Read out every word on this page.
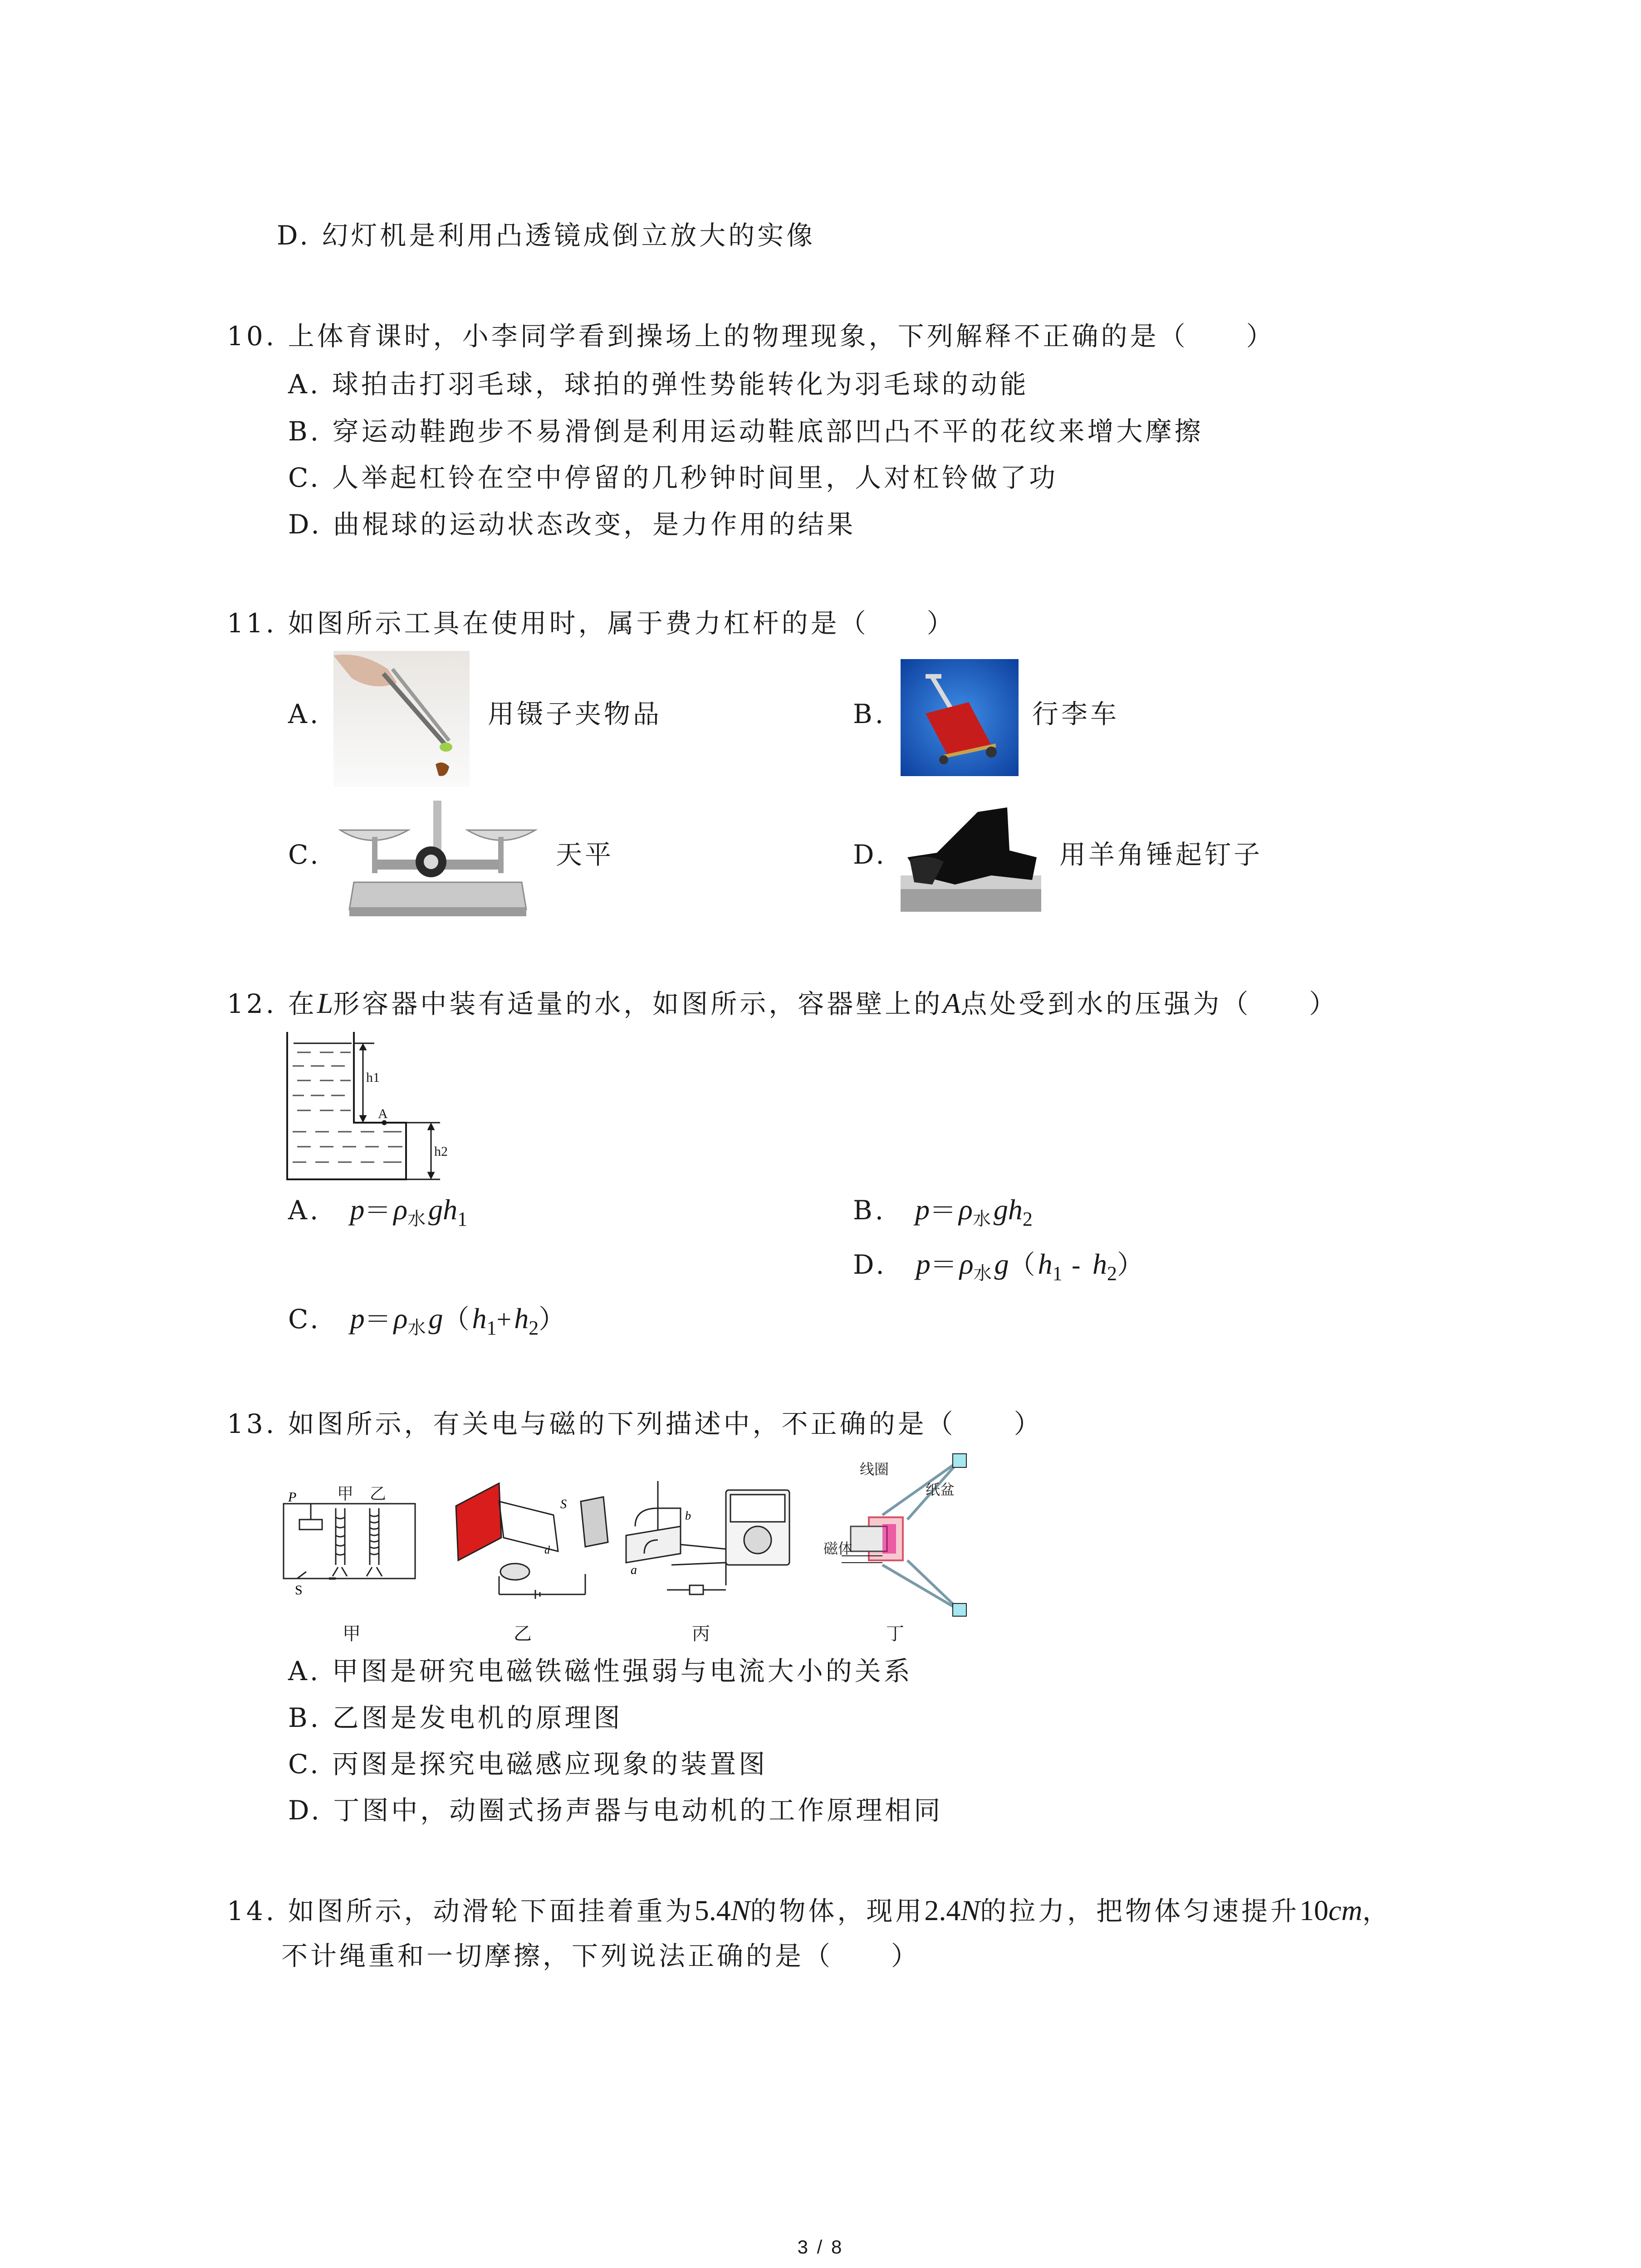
D. 幻灯机是利用凸透镜成倒立放大的实像
10. 上体育课时，小李同学看到操场上的物理现象，下列解释不正确的是（　　）
A. 球拍击打羽毛球，球拍的弹性势能转化为羽毛球的动能
B. 穿运动鞋跑步不易滑倒是利用运动鞋底部凹凸不平的花纹来增大摩擦
C. 人举起杠铃在空中停留的几秒钟时间里，人对杠铃做了功
D. 曲棍球的运动状态改变，是力作用的结果
11. 如图所示工具在使用时，属于费力杠杆的是（　　）
A.	用镊子夹物品	B.	行李车
C.	天平	D.	用羊角锤起钉子
12. 在L形容器中装有适量的水，如图所示，容器壁上的A点处受到水的压强为（　　）
h1
A
h2
A.　 $p=\rho_水gh_1$	B.　 $p=\rho_水gh_2$
D.　 $p=\rho_水g(h_1 - h_2)$
C.　 $p=\rho_水g(h_1+h_2)$
13. 如图所示，有关电与磁的下列描述中，不正确的是（　　）
P
S
甲 乙
甲
S
d
乙
a
b
丙
线圈
纸盆
磁体
丁
A. 甲图是研究电磁铁磁性强弱与电流大小的关系
B. 乙图是发电机的原理图
C. 丙图是探究电磁感应现象的装置图
D. 丁图中，动圈式扬声器与电动机的工作原理相同
14. 如图所示，动滑轮下面挂着重为5.4N的物体，现用2.4N的拉力，把物体匀速提升10cm，
不计绳重和一切摩擦，下列说法正确的是（　　）
3 / 8
